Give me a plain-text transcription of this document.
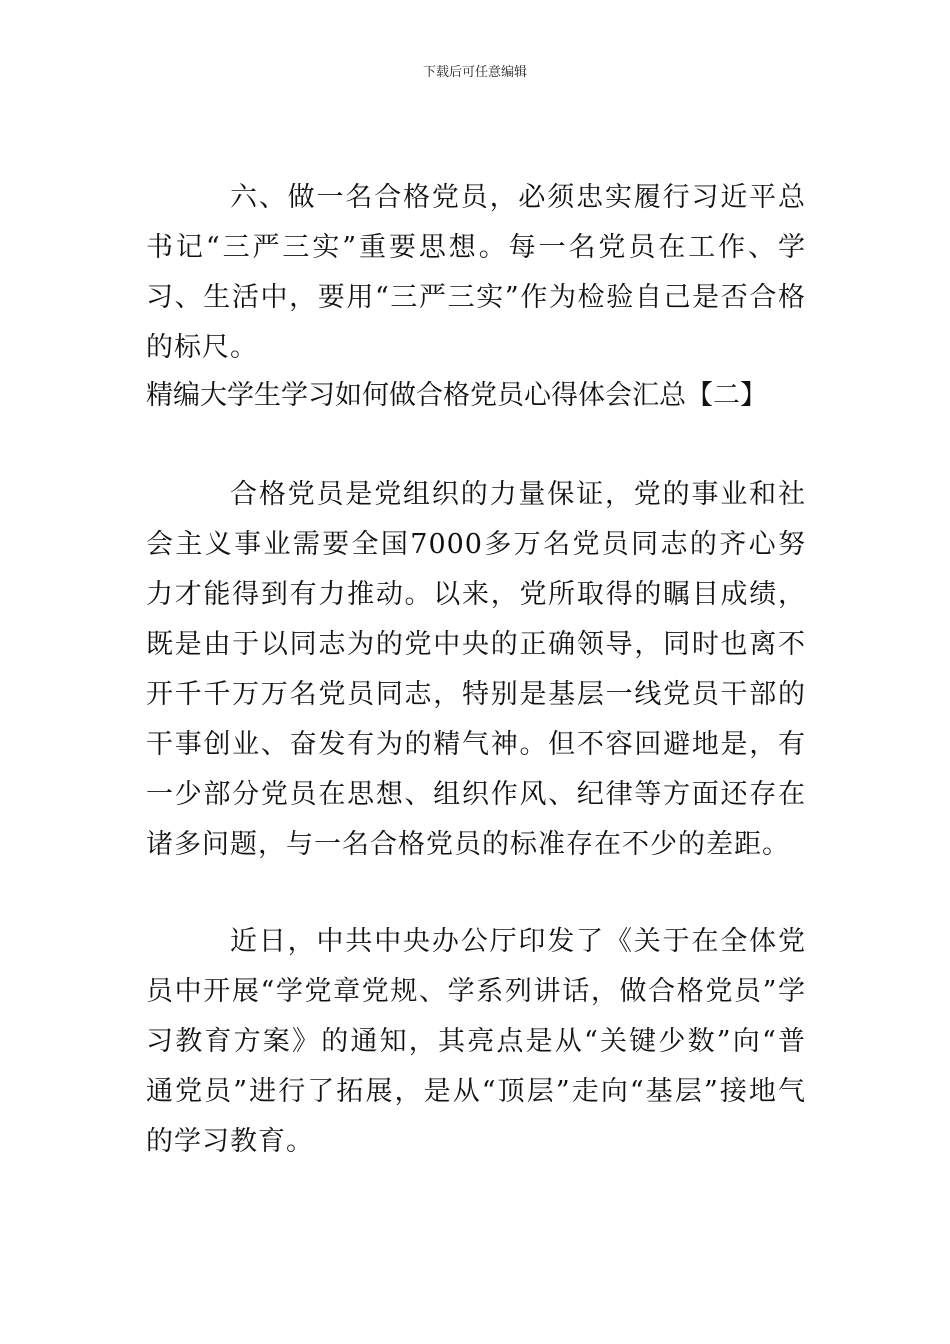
下载后可任意编辑

六、做一名合格党员，必须忠实履行习近平总书记“三严三实”重要思想。每一名党员在工作、学习、生活中，要用“三严三实”作为检验自己是否合格的标尺。

精编大学生学习如何做合格党员心得体会汇总【二】

合格党员是党组织的力量保证，党的事业和社会主义事业需要全国7000多万名党员同志的齐心努力才能得到有力推动。以来，党所取得的瞩目成绩，既是由于以同志为的党中央的正确领导，同时也离不开千千万万名党员同志，特别是基层一线党员干部的干事创业、奋发有为的精气神。但不容回避地是，有一少部分党员在思想、组织作风、纪律等方面还存在诸多问题，与一名合格党员的标准存在不少的差距。

近日，中共中央办公厅印发了《关于在全体党员中开展“学党章党规、学系列讲话，做合格党员”学习教育方案》的通知，其亮点是从“关键少数”向“普通党员”进行了拓展，是从“顶层”走向“基层”接地气的学习教育。
